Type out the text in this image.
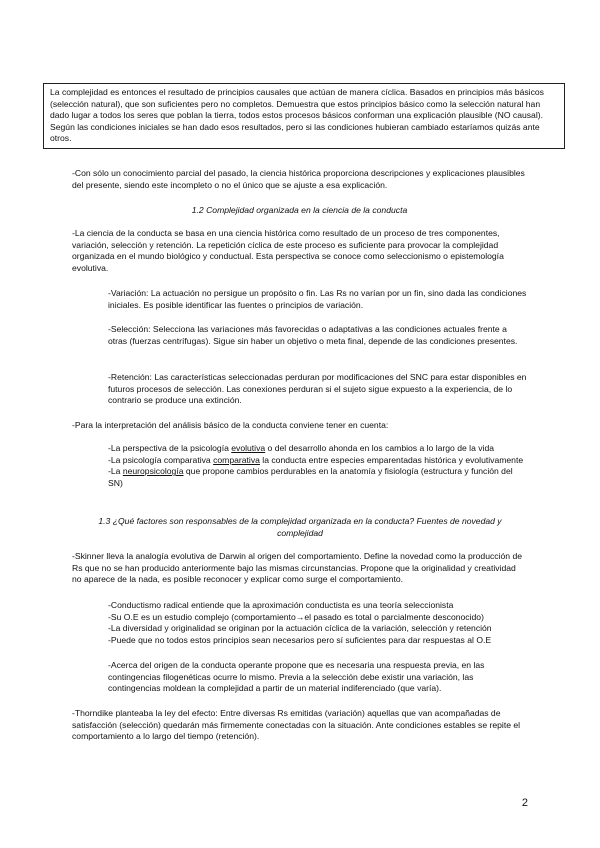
La complejidad es entonces el resultado de principios causales que actúan de manera cíclica. Basados en principios más básicos (selección natural), que son suficientes pero no completos. Demuestra que estos principios básico como la selección natural han dado lugar a todos los seres que poblan la tierra, todos estos procesos básicos conforman una explicación plausible (NO causal). Según las condiciones iniciales se han dado esos resultados, pero si las condiciones hubieran cambiado estaríamos quizás ante otros.

-Con sólo un conocimiento parcial del pasado, la ciencia histórica proporciona descripciones y explicaciones plausibles del presente, siendo este incompleto o no el único que se ajuste a esa explicación.

1.2 Complejidad organizada en la ciencia de la conducta

-La ciencia de la conducta se basa en una ciencia histórica como resultado de un proceso de tres componentes, variación, selección y retención. La repetición cíclica de este proceso es suficiente para provocar la complejidad organizada en el mundo biológico y conductual. Esta perspectiva se conoce como seleccionismo o epistemología evolutiva.

-Variación: La actuación no persigue un propósito o fin. Las Rs no varían por un fin, sino dada las condiciones iniciales. Es posible identificar las fuentes o principios de variación.

-Selección: Selecciona las variaciones más favorecidas o adaptativas a las condiciones actuales frente a otras (fuerzas centrífugas). Sigue sin haber un objetivo o meta final, depende de las condiciones presentes.

-Retención: Las características seleccionadas perduran por modificaciones del SNC para estar disponibles en futuros procesos de selección. Las conexiones perduran si el sujeto sigue expuesto a la experiencia, de lo contrario se produce una extinción.

-Para la interpretación del análisis básico de la conducta conviene tener en cuenta:

-La perspectiva de la psicología evolutiva o del desarrollo ahonda en los cambios a lo largo de la vida
-La psicología comparativa comparativa la conducta entre especies emparentadas histórica y evolutivamente
-La neuropsicología que propone cambios perdurables en la anatomía y fisiología (estructura y función del SN)

1.3 ¿Qué factores son responsables de la complejidad organizada en la conducta? Fuentes de novedad y complejidad

-Skinner lleva la analogía evolutiva de Darwin al origen del comportamiento. Define la novedad como la producción de Rs que no se han producido anteriormente bajo las mismas circunstancias. Propone que la originalidad y creatividad no aparece de la nada, es posible reconocer y explicar como surge el comportamiento.

-Conductismo radical entiende que la aproximación conductista es una teoría seleccionista
-Su O.E es un estudio complejo (comportamiento→el pasado es total o parcialmente desconocido)
-La diversidad y originalidad se originan por la actuación cíclica de la variación, selección y retención
-Puede que no todos estos principios sean necesarios pero sí suficientes para dar respuestas al O.E

-Acerca del origen de la conducta operante propone que es necesaria una respuesta previa, en las contingencias filogenéticas ocurre lo mismo. Previa a la selección debe existir una variación, las contingencias moldean la complejidad a partir de un material indiferenciado (que varía).

-Thorndike planteaba la ley del efecto: Entre diversas Rs emitidas (variación) aquellas que van acompañadas de satisfacción (selección) quedarán más firmemente conectadas con la situación. Ante condiciones estables se repite el comportamiento a lo largo del tiempo (retención).

2
